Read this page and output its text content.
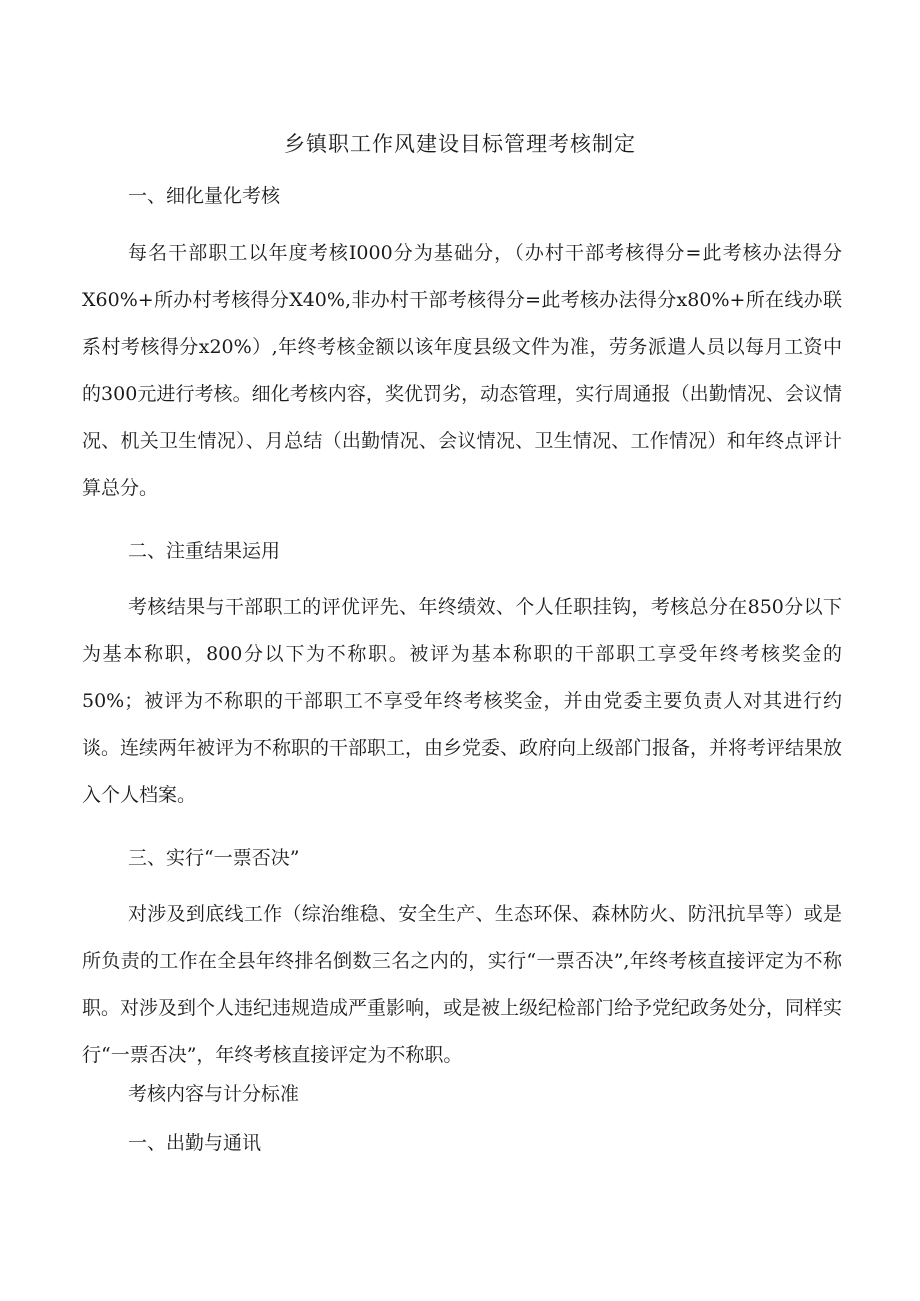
乡镇职工作风建设目标管理考核制定
一、细化量化考核
每名干部职工以年度考核I000分为基础分，（办村干部考核得分=此考核办法得分X60%+所办村考核得分X40%,非办村干部考核得分=此考核办法得分x80%+所在线办联系村考核得分x20%）,年终考核金额以该年度县级文件为准，劳务派遣人员以每月工资中的300元进行考核。细化考核内容，奖优罚劣，动态管理，实行周通报（出勤情况、会议情况、机关卫生情况）、月总结（出勤情况、会议情况、卫生情况、工作情况）和年终点评计算总分。
二、注重结果运用
考核结果与干部职工的评优评先、年终绩效、个人任职挂钩，考核总分在850分以下为基本称职，800分以下为不称职。被评为基本称职的干部职工享受年终考核奖金的50%；被评为不称职的干部职工不享受年终考核奖金，并由党委主要负责人对其进行约谈。连续两年被评为不称职的干部职工，由乡党委、政府向上级部门报备，并将考评结果放入个人档案。
三、实行“一票否决”
对涉及到底线工作（综治维稳、安全生产、生态环保、森林防火、防汛抗旱等）或是所负责的工作在全县年终排名倒数三名之内的，实行“一票否决”,年终考核直接评定为不称职。对涉及到个人违纪违规造成严重影响，或是被上级纪检部门给予党纪政务处分，同样实行“一票否决”，年终考核直接评定为不称职。
考核内容与计分标准
一、出勤与通讯
